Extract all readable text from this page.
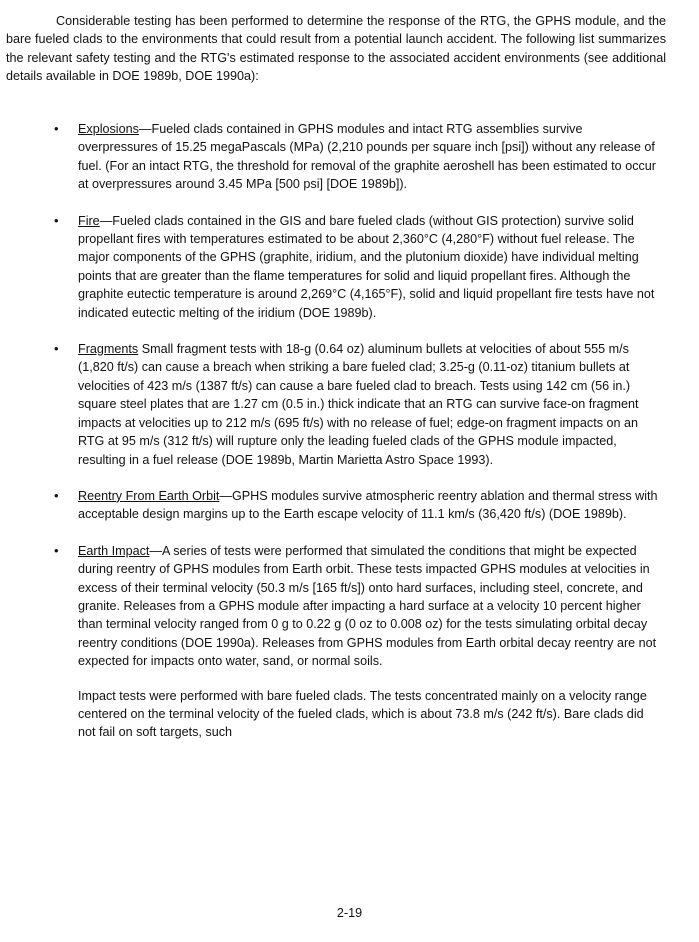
Considerable testing has been performed to determine the response of the RTG, the GPHS module, and the bare fueled clads to the environments that could result from a potential launch accident. The following list summarizes the relevant safety testing and the RTG's estimated response to the associated accident environments (see additional details available in DOE 1989b, DOE 1990a):

• Explosions—Fueled clads contained in GPHS modules and intact RTG assemblies survive overpressures of 15.25 megaPascals (MPa) (2,210 pounds per square inch [psi]) without any release of fuel. (For an intact RTG, the threshold for removal of the graphite aeroshell has been estimated to occur at overpressures around 3.45 MPa [500 psi] [DOE 1989b]).
• Fire—Fueled clads contained in the GIS and bare fueled clads (without GIS protection) survive solid propellant fires with temperatures estimated to be about 2,360°C (4,280°F) without fuel release. The major components of the GPHS (graphite, iridium, and the plutonium dioxide) have individual melting points that are greater than the flame temperatures for solid and liquid propellant fires. Although the graphite eutectic temperature is around 2,269°C (4,165°F), solid and liquid propellant fire tests have not indicated eutectic melting of the iridium (DOE 1989b).
• Fragments Small fragment tests with 18-g (0.64 oz) aluminum bullets at velocities of about 555 m/s (1,820 ft/s) can cause a breach when striking a bare fueled clad; 3.25-g (0.11-oz) titanium bullets at velocities of 423 m/s (1387 ft/s) can cause a bare fueled clad to breach. Tests using 142 cm (56 in.) square steel plates that are 1.27 cm (0.5 in.) thick indicate that an RTG can survive face-on fragment impacts at velocities up to 212 m/s (695 ft/s) with no release of fuel; edge-on fragment impacts on an RTG at 95 m/s (312 ft/s) will rupture only the leading fueled clads of the GPHS module impacted, resulting in a fuel release (DOE 1989b, Martin Marietta Astro Space 1993).
• Reentry From Earth Orbit—GPHS modules survive atmospheric reentry ablation and thermal stress with acceptable design margins up to the Earth escape velocity of 11.1 km/s (36,420 ft/s) (DOE 1989b).
• Earth Impact—A series of tests were performed that simulated the conditions that might be expected during reentry of GPHS modules from Earth orbit. These tests impacted GPHS modules at velocities in excess of their terminal velocity (50.3 m/s [165 ft/s]) onto hard surfaces, including steel, concrete, and granite. Releases from a GPHS module after impacting a hard surface at a velocity 10 percent higher than terminal velocity ranged from 0 g to 0.22 g (0 oz to 0.008 oz) for the tests simulating orbital decay reentry conditions (DOE 1990a). Releases from GPHS modules from Earth orbital decay reentry are not expected for impacts onto water, sand, or normal soils.

Impact tests were performed with bare fueled clads. The tests concentrated mainly on a velocity range centered on the terminal velocity of the fueled clads, which is about 73.8 m/s (242 ft/s). Bare clads did not fail on soft targets, such

2-19
